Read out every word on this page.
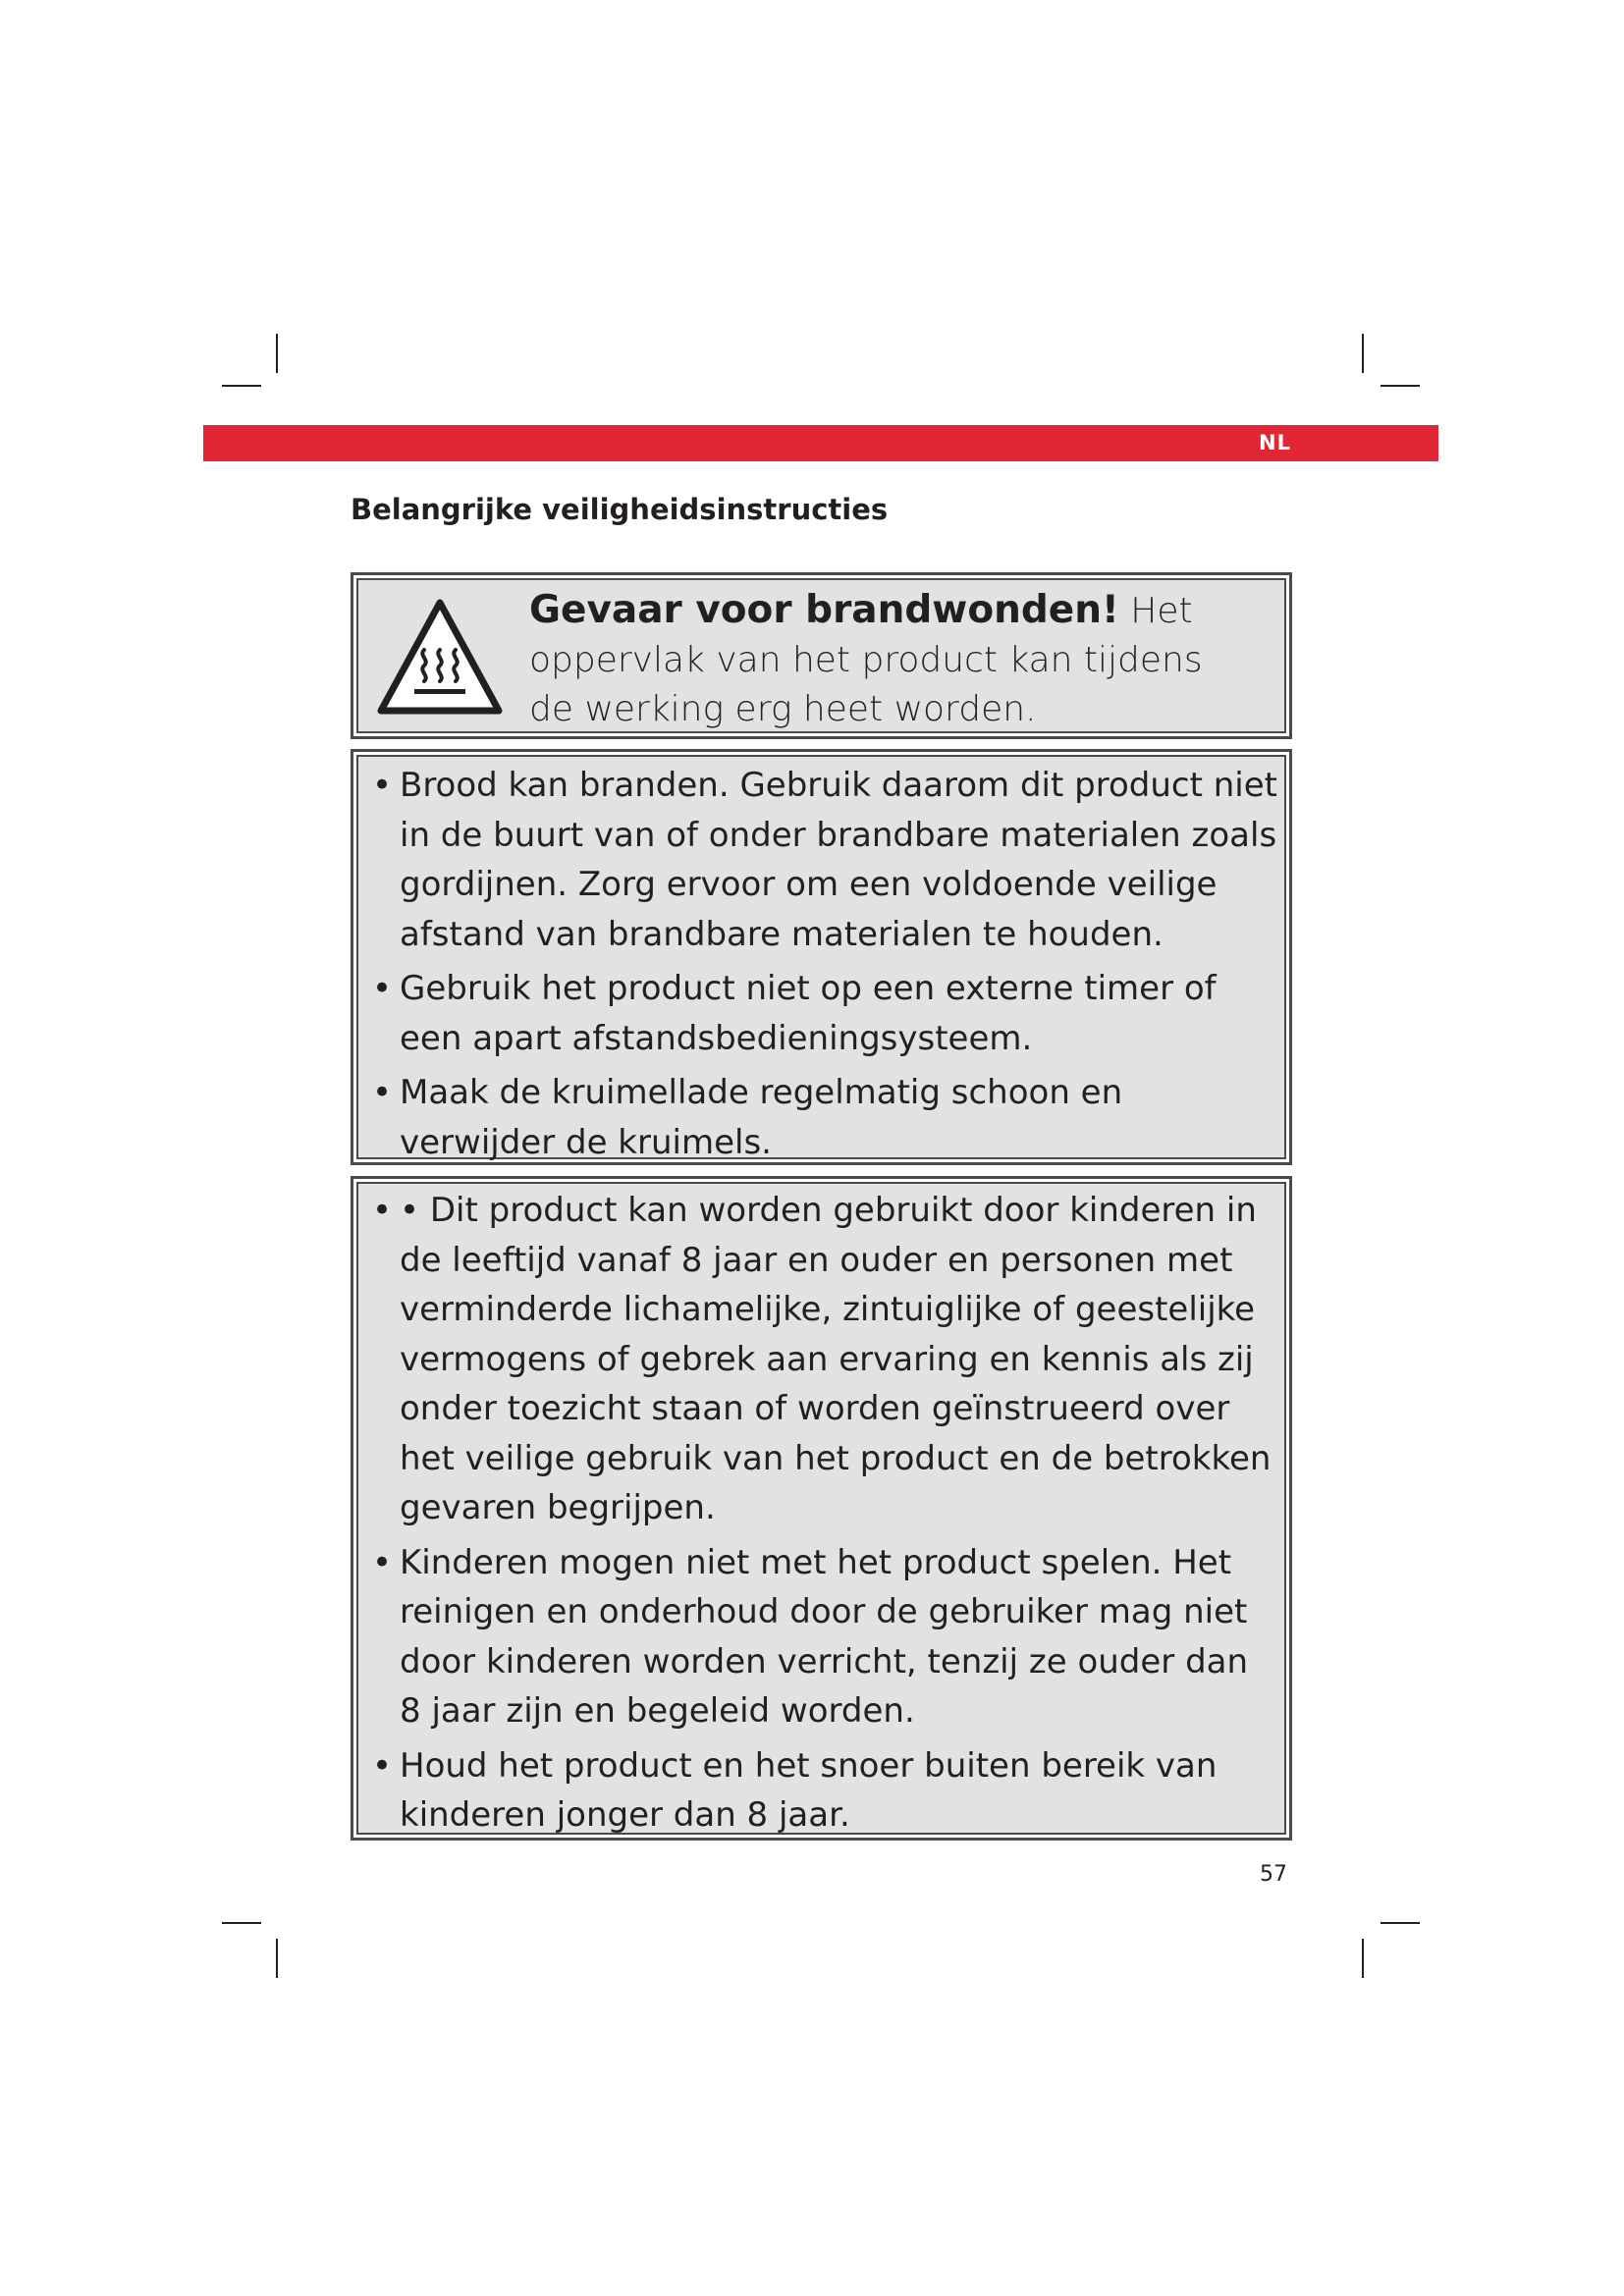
NL
Belangrijke veiligheidsinstructies
Gevaar voor brandwonden! Het oppervlak van het product kan tijdens de werking erg heet worden.
• Brood kan branden. Gebruik daarom dit product niet in de buurt van of onder brandbare materialen zoals gordijnen. Zorg ervoor om een voldoende veilige afstand van brandbare materialen te houden.
• Gebruik het product niet op een externe timer of een apart afstandsbedieningsysteem.
• Maak de kruimellade regelmatig schoon en verwijder de kruimels.
• • Dit product kan worden gebruikt door kinderen in de leeftijd vanaf 8 jaar en ouder en personen met verminderde lichamelijke, zintuiglijke of geestelijke vermogens of gebrek aan ervaring en kennis als zij onder toezicht staan of worden geïnstrueerd over het veilige gebruik van het product en de betrokken gevaren begrijpen.
• Kinderen mogen niet met het product spelen. Het reinigen en onderhoud door de gebruiker mag niet door kinderen worden verricht, tenzij ze ouder dan 8 jaar zijn en begeleid worden.
• Houd het product en het snoer buiten bereik van kinderen jonger dan 8 jaar.
57
